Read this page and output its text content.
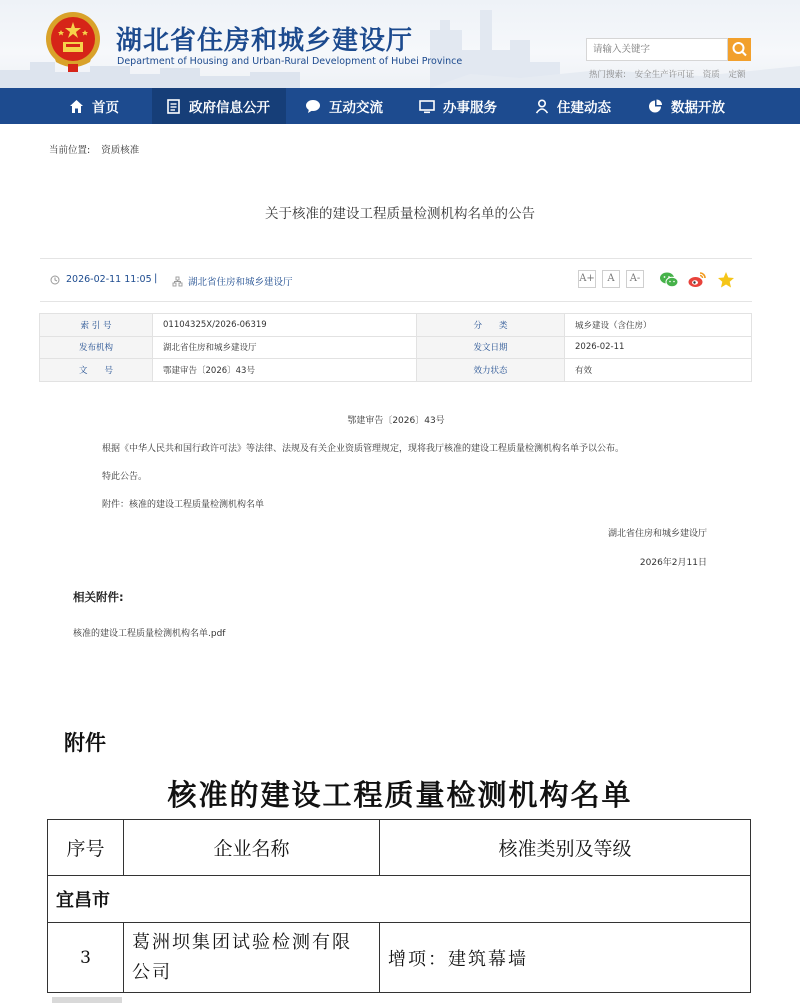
湖北省住房和城乡建设厅
Department of Housing and Urban-Rural Development of Hubei Province
请输入关键字
热门搜索: 安全生产许可证 资质 定额
首页	政府信息公开	互动交流	办事服务	住建动态	数据开放
当前位置: 资质核准
关于核准的建设工程质量检测机构名单的公告
2026-02-11 11:05 |	湖北省住房和城乡建设厅	A+	A	A-
索 引 号	01104325X/2026-06319	分　　类	城乡建设（含住房）
发布机构	湖北省住房和城乡建设厅	发文日期	2026-02-11
文　　号	鄂建审告〔2026〕43号	效力状态	有效
鄂建审告〔2026〕43号
根据《中华人民共和国行政许可法》等法律、法规及有关企业资质管理规定，现将我厅核准的建设工程质量检测机构名单予以公布。
特此公告。
附件：核准的建设工程质量检测机构名单
湖北省住房和城乡建设厅
2026年2月11日
相关附件:
核准的建设工程质量检测机构名单.pdf
附件
核准的建设工程质量检测机构名单
序号	企业名称	核准类别及等级
宜昌市		
3	葛洲坝集团试验检测有限公司	增项：建筑幕墙
